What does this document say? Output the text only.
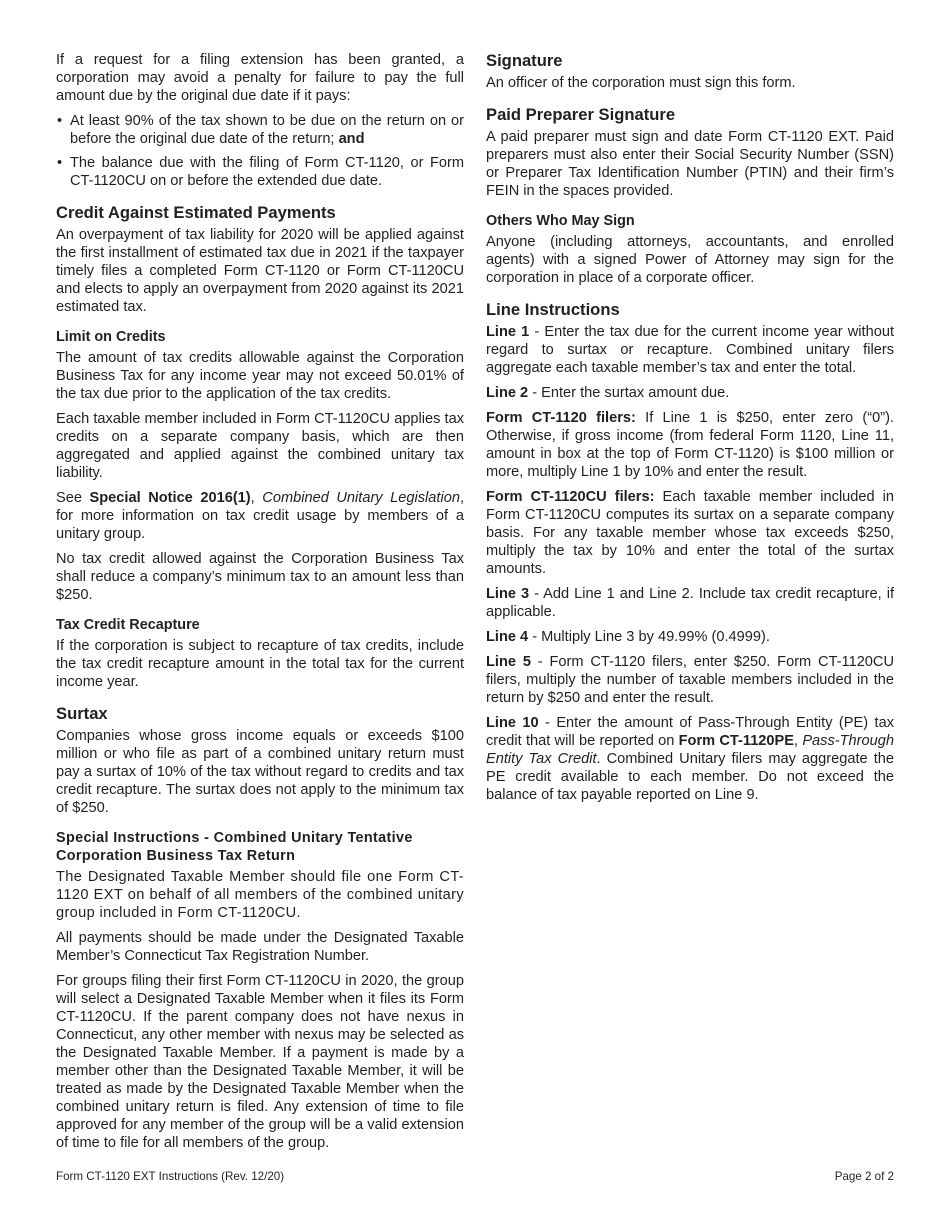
If a request for a filing extension has been granted, a corporation may avoid a penalty for failure to pay the full amount due by the original due date if it pays:

• At least 90% of the tax shown to be due on the return on or before the original due date of the return; and
• The balance due with the filing of Form CT-1120, or Form CT-1120CU on or before the extended due date.
Credit Against Estimated Payments

An overpayment of tax liability for 2020 will be applied against the first installment of estimated tax due in 2021 if the taxpayer timely files a completed Form CT-1120 or Form CT-1120CU and elects to apply an overpayment from 2020 against its 2021 estimated tax.

Limit on Credits

The amount of tax credits allowable against the Corporation Business Tax for any income year may not exceed 50.01% of the tax due prior to the application of the tax credits.

Each taxable member included in Form CT-1120CU applies tax credits on a separate company basis, which are then aggregated and applied against the combined unitary tax liability.

See Special Notice 2016(1), Combined Unitary Legislation, for more information on tax credit usage by members of a unitary group.

No tax credit allowed against the Corporation Business Tax shall reduce a company’s minimum tax to an amount less than $250.

Tax Credit Recapture

If the corporation is subject to recapture of tax credits, include the tax credit recapture amount in the total tax for the current income year.

Surtax

Companies whose gross income equals or exceeds $100 million or who file as part of a combined unitary return must pay a surtax of 10% of the tax without regard to credits and tax credit recapture. The surtax does not apply to the minimum tax of $250.

Special Instructions - Combined Unitary Tentative Corporation Business Tax Return

The Designated Taxable Member should file one Form CT-1120 EXT on behalf of all members of the combined unitary group included in Form CT-1120CU.

All payments should be made under the Designated Taxable Member’s Connecticut Tax Registration Number.

For groups filing their first Form CT-1120CU in 2020, the group will select a Designated Taxable Member when it files its Form CT-1120CU. If the parent company does not have nexus in Connecticut, any other member with nexus may be selected as the Designated Taxable Member. If a payment is made by a member other than the Designated Taxable Member, it will be treated as made by the Designated Taxable Member when the combined unitary return is filed. Any extension of time to file approved for any member of the group will be a valid extension of time to file for all members of the group.

Signature

An officer of the corporation must sign this form.

Paid Preparer Signature

A paid preparer must sign and date Form CT-1120 EXT. Paid preparers must also enter their Social Security Number (SSN) or Preparer Tax Identification Number (PTIN) and their firm’s FEIN in the spaces provided.

Others Who May Sign

Anyone (including attorneys, accountants, and enrolled agents) with a signed Power of Attorney may sign for the corporation in place of a corporate officer.

Line Instructions

Line 1 - Enter the tax due for the current income year without regard to surtax or recapture. Combined unitary filers aggregate each taxable member’s tax and enter the total.

Line 2 - Enter the surtax amount due.

Form CT-1120 filers: If Line 1 is $250, enter zero (“0”). Otherwise, if gross income (from federal Form 1120, Line 11, amount in box at the top of Form CT-1120) is $100 million or more, multiply Line 1 by 10% and enter the result.

Form CT-1120CU filers: Each taxable member included in Form CT-1120CU computes its surtax on a separate company basis. For any taxable member whose tax exceeds $250, multiply the tax by 10% and enter the total of the surtax amounts.

Line 3 - Add Line 1 and Line 2. Include tax credit recapture, if applicable.

Line 4 - Multiply Line 3 by 49.99% (0.4999).

Line 5 - Form CT-1120 filers, enter $250. Form CT-1120CU filers, multiply the number of taxable members included in the return by $250 and enter the result.

Line 10 - Enter the amount of Pass-Through Entity (PE) tax credit that will be reported on Form CT-1120PE, Pass-Through Entity Tax Credit. Combined Unitary filers may aggregate the PE credit available to each member. Do not exceed the balance of tax payable reported on Line 9.

Form CT-1120 EXT Instructions (Rev. 12/20)	Page 2 of 2
